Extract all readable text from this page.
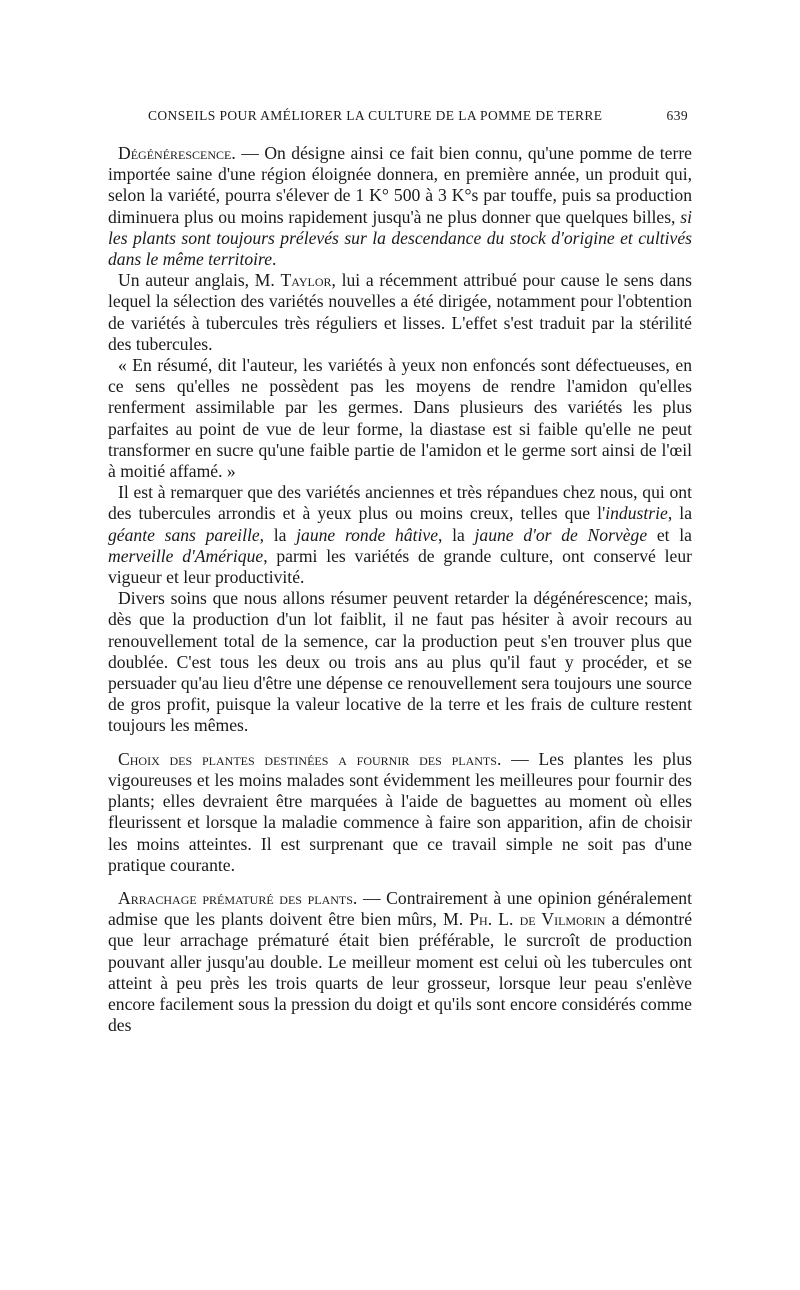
CONSEILS POUR AMÉLIORER LA CULTURE DE LA POMME DE TERRE	639

Dégénérescence. — On désigne ainsi ce fait bien connu, qu'une pomme de terre importée saine d'une région éloignée donnera, en première année, un produit qui, selon la variété, pourra s'élever de 1 K° 500 à 3 K°s par touffe, puis sa production diminuera plus ou moins rapidement jusqu'à ne plus donner que quelques billes, si les plants sont toujours prélevés sur la descendance du stock d'origine et cultivés dans le même territoire.

Un auteur anglais, M. Taylor, lui a récemment attribué pour cause le sens dans lequel la sélection des variétés nouvelles a été dirigée, notamment pour l'obtention de variétés à tubercules très réguliers et lisses. L'effet s'est traduit par la stérilité des tubercules.

« En résumé, dit l'auteur, les variétés à yeux non enfoncés sont défectueuses, en ce sens qu'elles ne possèdent pas les moyens de rendre l'amidon qu'elles renferment assimilable par les germes. Dans plusieurs des variétés les plus parfaites au point de vue de leur forme, la diastase est si faible qu'elle ne peut transformer en sucre qu'une faible partie de l'amidon et le germe sort ainsi de l'œil à moitié affamé. »

Il est à remarquer que des variétés anciennes et très répandues chez nous, qui ont des tubercules arrondis et à yeux plus ou moins creux, telles que l'industrie, la géante sans pareille, la jaune ronde hâtive, la jaune d'or de Norvège et la merveille d'Amérique, parmi les variétés de grande culture, ont conservé leur vigueur et leur productivité.

Divers soins que nous allons résumer peuvent retarder la dégénérescence; mais, dès que la production d'un lot faiblit, il ne faut pas hésiter à avoir recours au renouvellement total de la semence, car la production peut s'en trouver plus que doublée. C'est tous les deux ou trois ans au plus qu'il faut y procéder, et se persuader qu'au lieu d'être une dépense ce renouvellement sera toujours une source de gros profit, puisque la valeur locative de la terre et les frais de culture restent toujours les mêmes.

Choix des plantes destinées a fournir des plants. — Les plantes les plus vigoureuses et les moins malades sont évidemment les meilleures pour fournir des plants; elles devraient être marquées à l'aide de baguettes au moment où elles fleurissent et lorsque la maladie commence à faire son apparition, afin de choisir les moins atteintes. Il est surprenant que ce travail simple ne soit pas d'une pratique courante.

Arrachage prématuré des plants. — Contrairement à une opinion généralement admise que les plants doivent être bien mûrs, M. Ph. L. de Vilmorin a démontré que leur arrachage prématuré était bien préférable, le surcroît de production pouvant aller jusqu'au double. Le meilleur moment est celui où les tubercules ont atteint à peu près les trois quarts de leur grosseur, lorsque leur peau s'enlève encore facilement sous la pression du doigt et qu'ils sont encore considérés comme des
